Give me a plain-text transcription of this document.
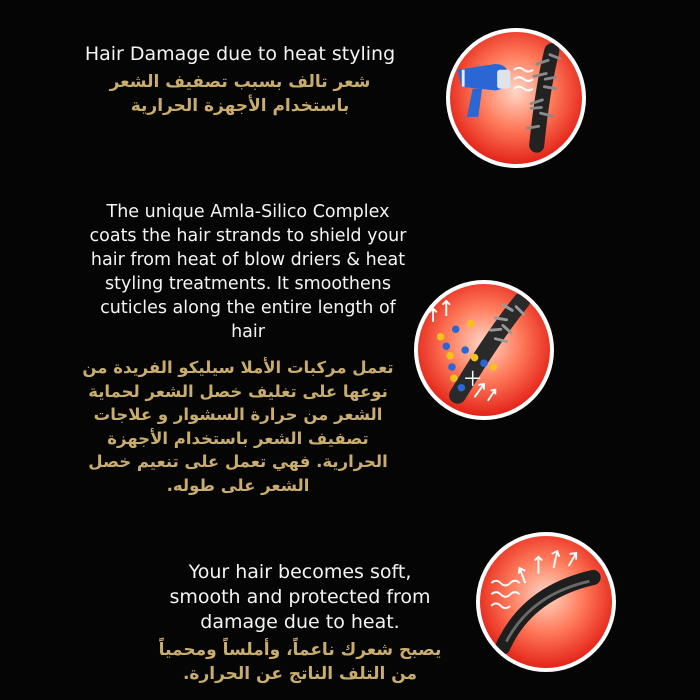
Hair Damage due to heat styling
شعر تالف بسبب تصفيف الشعر
باستخدام الأجهزة الحرارية
The unique Amla-Silico Complex
coats the hair strands to shield your
hair from heat of blow driers & heat
styling treatments. It smoothens
cuticles along the entire length of
hair
تعمل مركبات الأملا سيليكو الفريدة من
نوعها على تغليف خصل الشعر لحماية
الشعر من حرارة السشوار و علاجات
تصفيف الشعر باستخدام الأجهزة
الحرارية. فهي تعمل على تنعيم خصل
الشعر على طوله.
Your hair becomes soft,
smooth and protected from
damage due to heat.
يصبح شعرك ناعماً، وأملساً ومحمياً
من التلف الناتج عن الحرارة.
